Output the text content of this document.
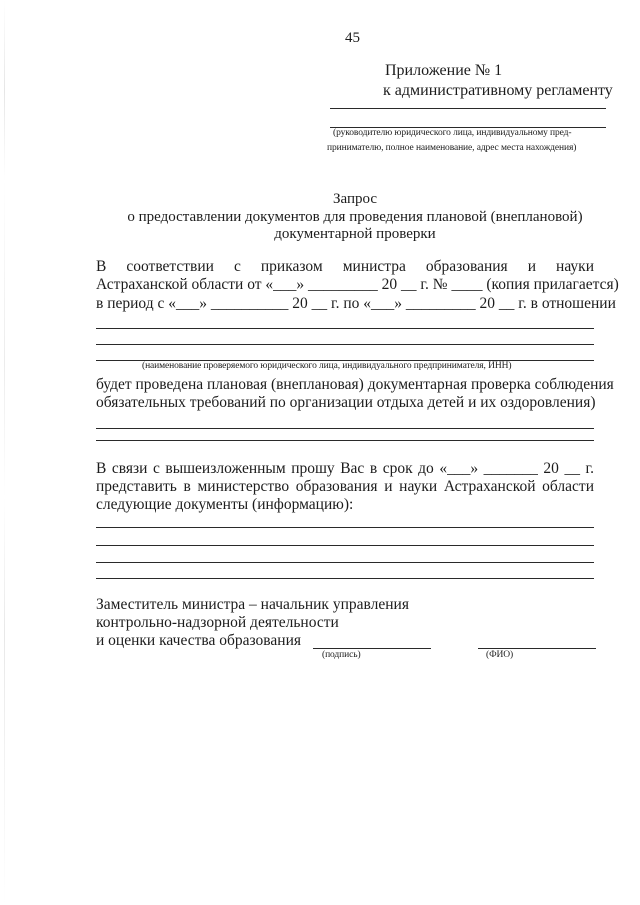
45
Приложение № 1
к административному регламенту
(руководителю юридического лица, индивидуальному пред-
принимателю, полное наименование, адрес места нахождения)
Запрос
о предоставлении документов для проведения плановой (внеплановой)
документарной проверки
В соответствии с приказом министра образования и науки
Астраханской области от «___» _________ 20 __ г. № ____ (копия прилагается)
в период с «___» __________ 20 __ г. по «___» _________ 20 __ г. в отношении
(наименование проверяемого юридического лица, индивидуального предпринимателя, ИНН)
будет проведена плановая (внеплановая) документарная проверка соблюдения
обязательных требований по организации отдыха детей и их оздоровления)
В связи с вышеизложенным прошу Вас в срок до «___» _______ 20 __ г.
представить в министерство образования и науки Астраханской области
следующие документы (информацию):
Заместитель министра – начальник управления
контрольно-надзорной деятельности
и оценки качества образования
(подпись)	(ФИО)
